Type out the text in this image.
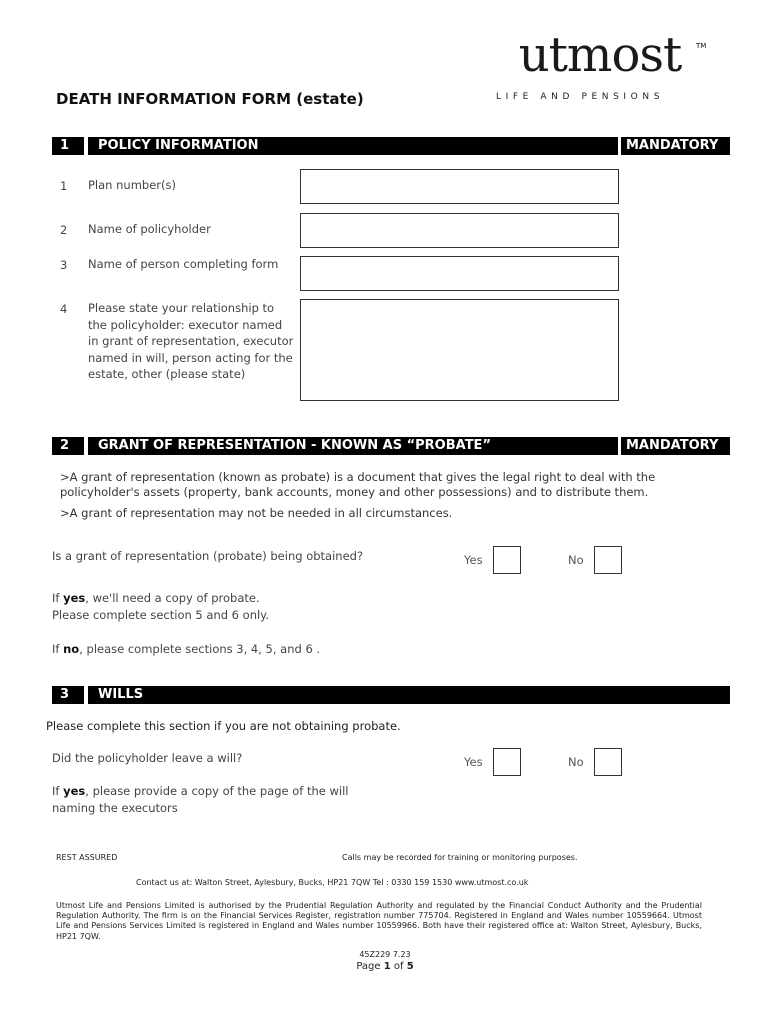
utmost	TM
LIFE AND PENSIONS
DEATH INFORMATION FORM (estate)
1 POLICY INFORMATION	MANDATORY
1 Plan number(s)
2 Name of policyholder
3 Name of person completing form
4 Please state your relationship to the policyholder: executor named in grant of representation, executor named in will, person acting for the estate, other (please state)
2 GRANT OF REPRESENTATION - KNOWN AS “PROBATE”	MANDATORY
>A grant of representation (known as probate) is a document that gives the legal right to deal with the policyholder's assets (property, bank accounts, money and other possessions) and to distribute them.
>A grant of representation may not be needed in all circumstances.
Is a grant of representation (probate) being obtained?	Yes	No
If yes, we'll need a copy of probate.
Please complete section 5 and 6 only.
If no, please complete sections 3, 4, 5, and 6 .
3 WILLS
Please complete this section if you are not obtaining probate.
Did the policyholder leave a will?	Yes	No
If yes, please provide a copy of the page of the will
naming the executors
REST ASSURED	Calls may be recorded for training or monitoring purposes.
Contact us at: Walton Street, Aylesbury, Bucks, HP21 7QW Tel : 0330 159 1530 www.utmost.co.uk
Utmost Life and Pensions Limited is authorised by the Prudential Regulation Authority and regulated by the Financial Conduct Authority and the Prudential Regulation Authority. The firm is on the Financial Services Register, registration number 775704. Registered in England and Wales number 10559664. Utmost Life and Pensions Services Limited is registered in England and Wales number 10559966. Both have their registered office at: Walton Street, Aylesbury, Bucks, HP21 7QW.
45Z229 7.23
Page 1 of 5
